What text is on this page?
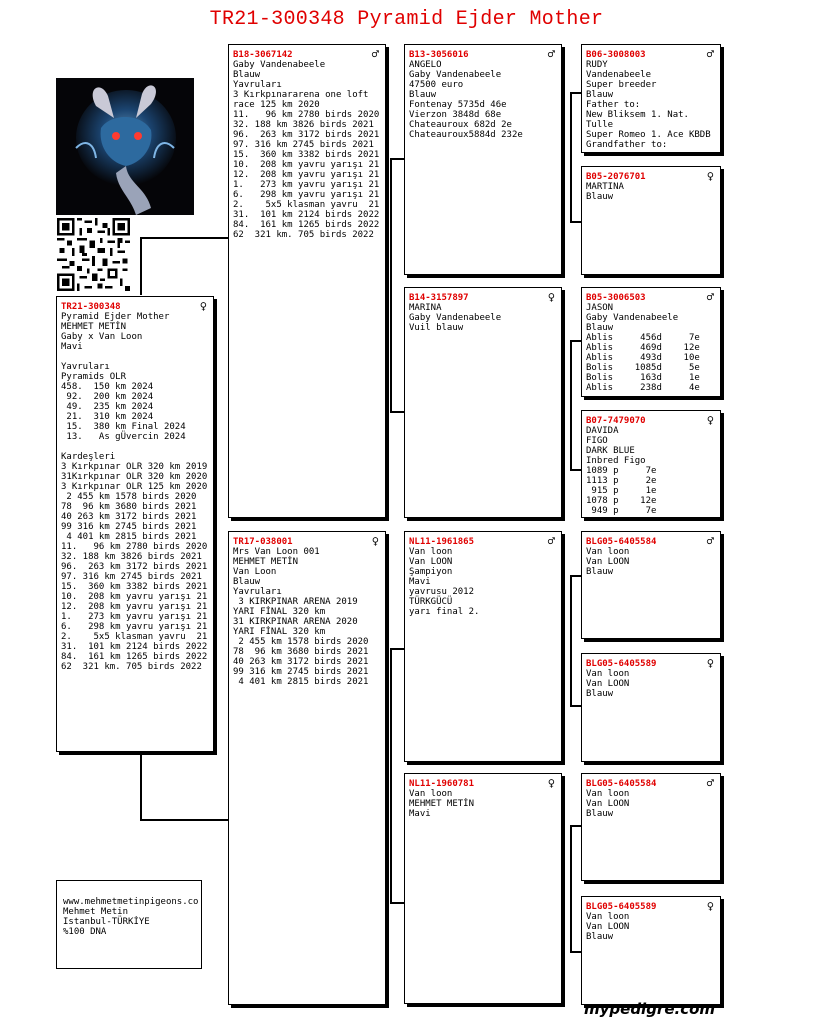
TR21-300348 Pyramid Ejder Mother
TR21-300348	♀
Pyramid Ejder Mother
MEHMET METİN
Gaby x Van Loon
Mavi

Yavruları
Pyramids OLR
458.  150 km 2024
92.  200 km 2024
49.  235 km 2024
21.  310 km 2024
15.  380 km Final 2024
13.   As gÜvercin 2024

Kardeşleri
3 Kırkpınar OLR 320 km 2019
31Kırkpınar OLR 320 km 2020
3 Kırkpınar OLR 125 km 2020
2 455 km 1578 birds 2020
78  96 km 3680 birds 2021
40 263 km 3172 birds 2021
99 316 km 2745 birds 2021
4 401 km 2815 birds 2021
11.   96 km 2780 birds 2020
32. 188 km 3826 birds 2021
96.  263 km 3172 birds 2021
97. 316 km 2745 birds 2021
15.  360 km 3382 birds 2021
10.  208 km yavru yarışı 21
12.  208 km yavru yarışı 21
1.   273 km yavru yarışı 21
6.   298 km yavru yarışı 21
2.    5x5 klasman yavru  21
31.  101 km 2124 birds 2022
84.  161 km 1265 birds 2022
62  321 km. 705 birds 2022
B18-3067142	♂
Gaby Vandenabeele
Blauw
Yavruları
3 Kırkpınararena one loft
race 125 km 2020
11.   96 km 2780 birds 2020
32. 188 km 3826 birds 2021
96.  263 km 3172 birds 2021
97. 316 km 2745 birds 2021
15.  360 km 3382 birds 2021
10.  208 km yavru yarışı 21
12.  208 km yavru yarışı 21
1.   273 km yavru yarışı 21
6.   298 km yavru yarışı 21
2.    5x5 klasman yavru  21
31.  101 km 2124 birds 2022
84.  161 km 1265 birds 2022
62  321 km. 705 birds 2022
TR17-038001	♀
Mrs Van Loon 001
MEHMET METİN
Van Loon
Blauw
Yavruları
3 KIRKPINAR ARENA 2019
YARI FİNAL 320 km
31 KIRKPINAR ARENA 2020
YARI FİNAL 320 km
2 455 km 1578 birds 2020
78  96 km 3680 birds 2021
40 263 km 3172 birds 2021
99 316 km 2745 birds 2021
4 401 km 2815 birds 2021
B13-3056016	♂
ANGELO
Gaby Vandenabeele
47500 euro
Blauw
Fontenay 5735d 46e
Vierzon 3848d 68e
Chateauroux 682d 2e
Chateauroux5884d 232e
B14-3157897	♀
MARINA
Gaby Vandenabeele
Vuil blauw
NL11-1961865	♂
Van loon
Van LOON
Şampiyon
Mavi
yavrusu 2012
TÜRKGÜCÜ
yarı final 2.
NL11-1960781	♀
Van loon
MEHMET METİN
Mavi
B06-3008003	♂
RUDY
Vandenabeele
Super breeder
Blauw
Father to:
New Bliksem 1. Nat.
Tulle
Super Romeo 1. Ace KBDB
Grandfather to:
B05-2076701	♀
MARTINA
Blauw
B05-3006503	♂
JASON
Gaby Vandenabeele
Blauw
Ablis     456d     7e
Ablis     469d    12e
Ablis     493d    10e
Bolis    1085d     5e
Bolis     163d     1e
Ablis     238d     4e
B07-7479070	♀
DAVIDA
FIGO
DARK BLUE
Inbred Figo
1089 p     7e
1113 p     2e
915 p     1e
1078 p    12e
949 p     7e
BLG05-6405584	♂
Van loon
Van LOON
Blauw
BLG05-6405589	♀
Van loon
Van LOON
Blauw
BLG05-6405584	♂
Van loon
Van LOON
Blauw
BLG05-6405589	♀
Van loon
Van LOON
Blauw
www.mehmetmetinpigeons.co
Mehmet Metin
Istanbul-TÜRKİYE
%100 DNA
mypedigre.com
